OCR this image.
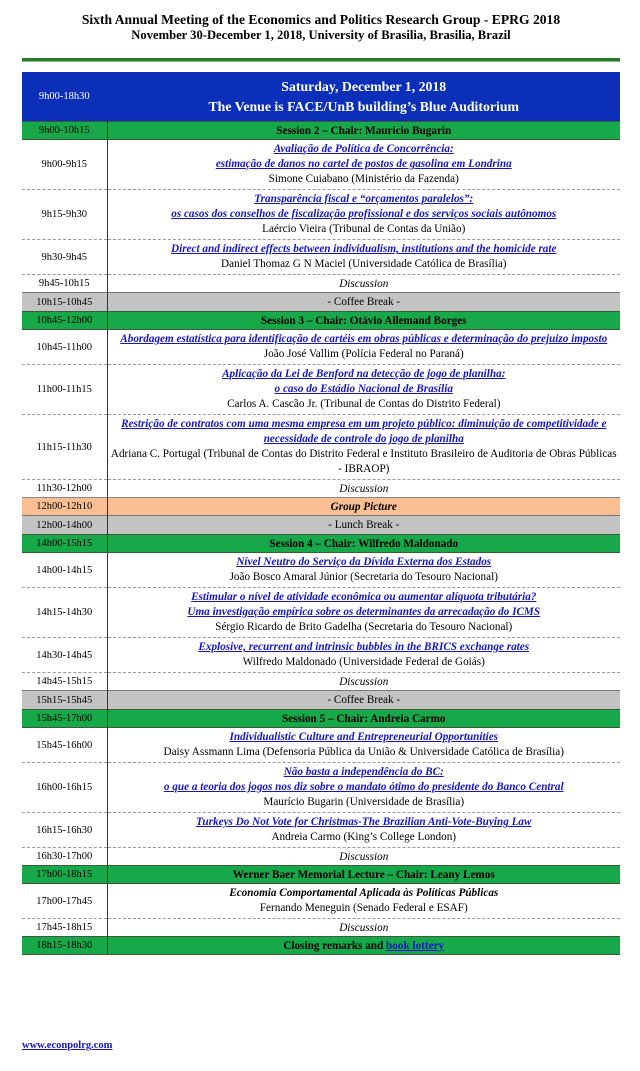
Sixth Annual Meeting of the Economics and Politics Research Group - EPRG 2018
November 30-December 1, 2018, University of Brasilia, Brasilia, Brazil
9h00-18h30	Saturday, December 1, 2018
The Venue is FACE/UnB building’s Blue Auditorium

9h00-10h15	Session 2 – Chair: Maurício Bugarin
9h00-9h15	Avaliação de Política de Concorrência:
estimação de danos no cartel de postos de gasolina em Londrina
Simone Cuiabano (Ministério da Fazenda)
9h15-9h30	Transparência fiscal e “orçamentos paralelos”:
os casos dos conselhos de fiscalização profissional e dos serviços sociais autônomos
Laércio Vieira (Tribunal de Contas da União)
9h30-9h45	Direct and indirect effects between individualism, institutions and the homicide rate
Daniel Thomaz G N Maciel (Universidade Católica de Brasília)
9h45-10h15	Discussion
10h15-10h45	- Coffee Break -
10h45-12h00	Session 3 – Chair: Otávio Allemand Borges
10h45-11h00	Abordagem estatística para identificação de cartéis em obras públicas e determinação do prejuizo imposto
João José Vallim (Polícia Federal no Paraná)
11h00-11h15	Aplicação da Lei de Benford na detecção de jogo de planilha:
o caso do Estádio Nacional de Brasília
Carlos A. Cascão Jr. (Tribunal de Contas do Distrito Federal)
11h15-11h30	Restrição de contratos com uma mesma empresa em um projeto público: diminuição de competitividade e necessidade de controle do jogo de planilha
Adriana C. Portugal (Tribunal de Contas do Distrito Federal e Instituto Brasileiro de Auditoria de Obras Públicas - IBRAOP)
11h30-12h00	Discussion
12h00-12h10	Group Picture
12h00-14h00	- Lunch Break -
14h00-15h15	Session 4 – Chair: Wilfredo Maldonado
14h00-14h15	Nível Neutro do Serviço da Dívida Externa dos Estados
João Bosco Amaral Júnior (Secretaria do Tesouro Nacional)
14h15-14h30	Estimular o nível de atividade econômica ou aumentar alíquota tributária?
Uma investigação empírica sobre os determinantes da arrecadação do ICMS
Sérgio Ricardo de Brito Gadelha (Secretaria do Tesouro Nacional)
14h30-14h45	Explosive, recurrent and intrinsic bubbles in the BRICS exchange rates
Wilfredo Maldonado (Universidade Federal de Goiás)
14h45-15h15	Discussion
15h15-15h45	- Coffee Break -
15h45-17h00	Session 5 – Chair: Andreia Carmo
15h45-16h00	Individualistic Culture and Entrepreneurial Opportunities
Daisy Assmann Lima (Defensoria Pública da União & Universidade Católica de Brasília)
16h00-16h15	Não basta a independência do BC:
o que a teoria dos jogos nos diz sobre o mandato ótimo do presidente do Banco Central
Maurício Bugarin (Universidade de Brasília)
16h15-16h30	Turkeys Do Not Vote for Christmas-The Brazilian Anti-Vote-Buying Law
Andreia Carmo (King’s College London)
16h30-17h00	Discussion
17h00-18h15	Werner Baer Memorial Lecture – Chair: Leany Lemos
17h00-17h45	Economia Comportamental Aplicada às Políticas Públicas
Fernando Meneguin (Senado Federal e ESAF)
17h45-18h15	Discussion
18h15-18h30	Closing remarks and book lottery
www.econpolrg.com
